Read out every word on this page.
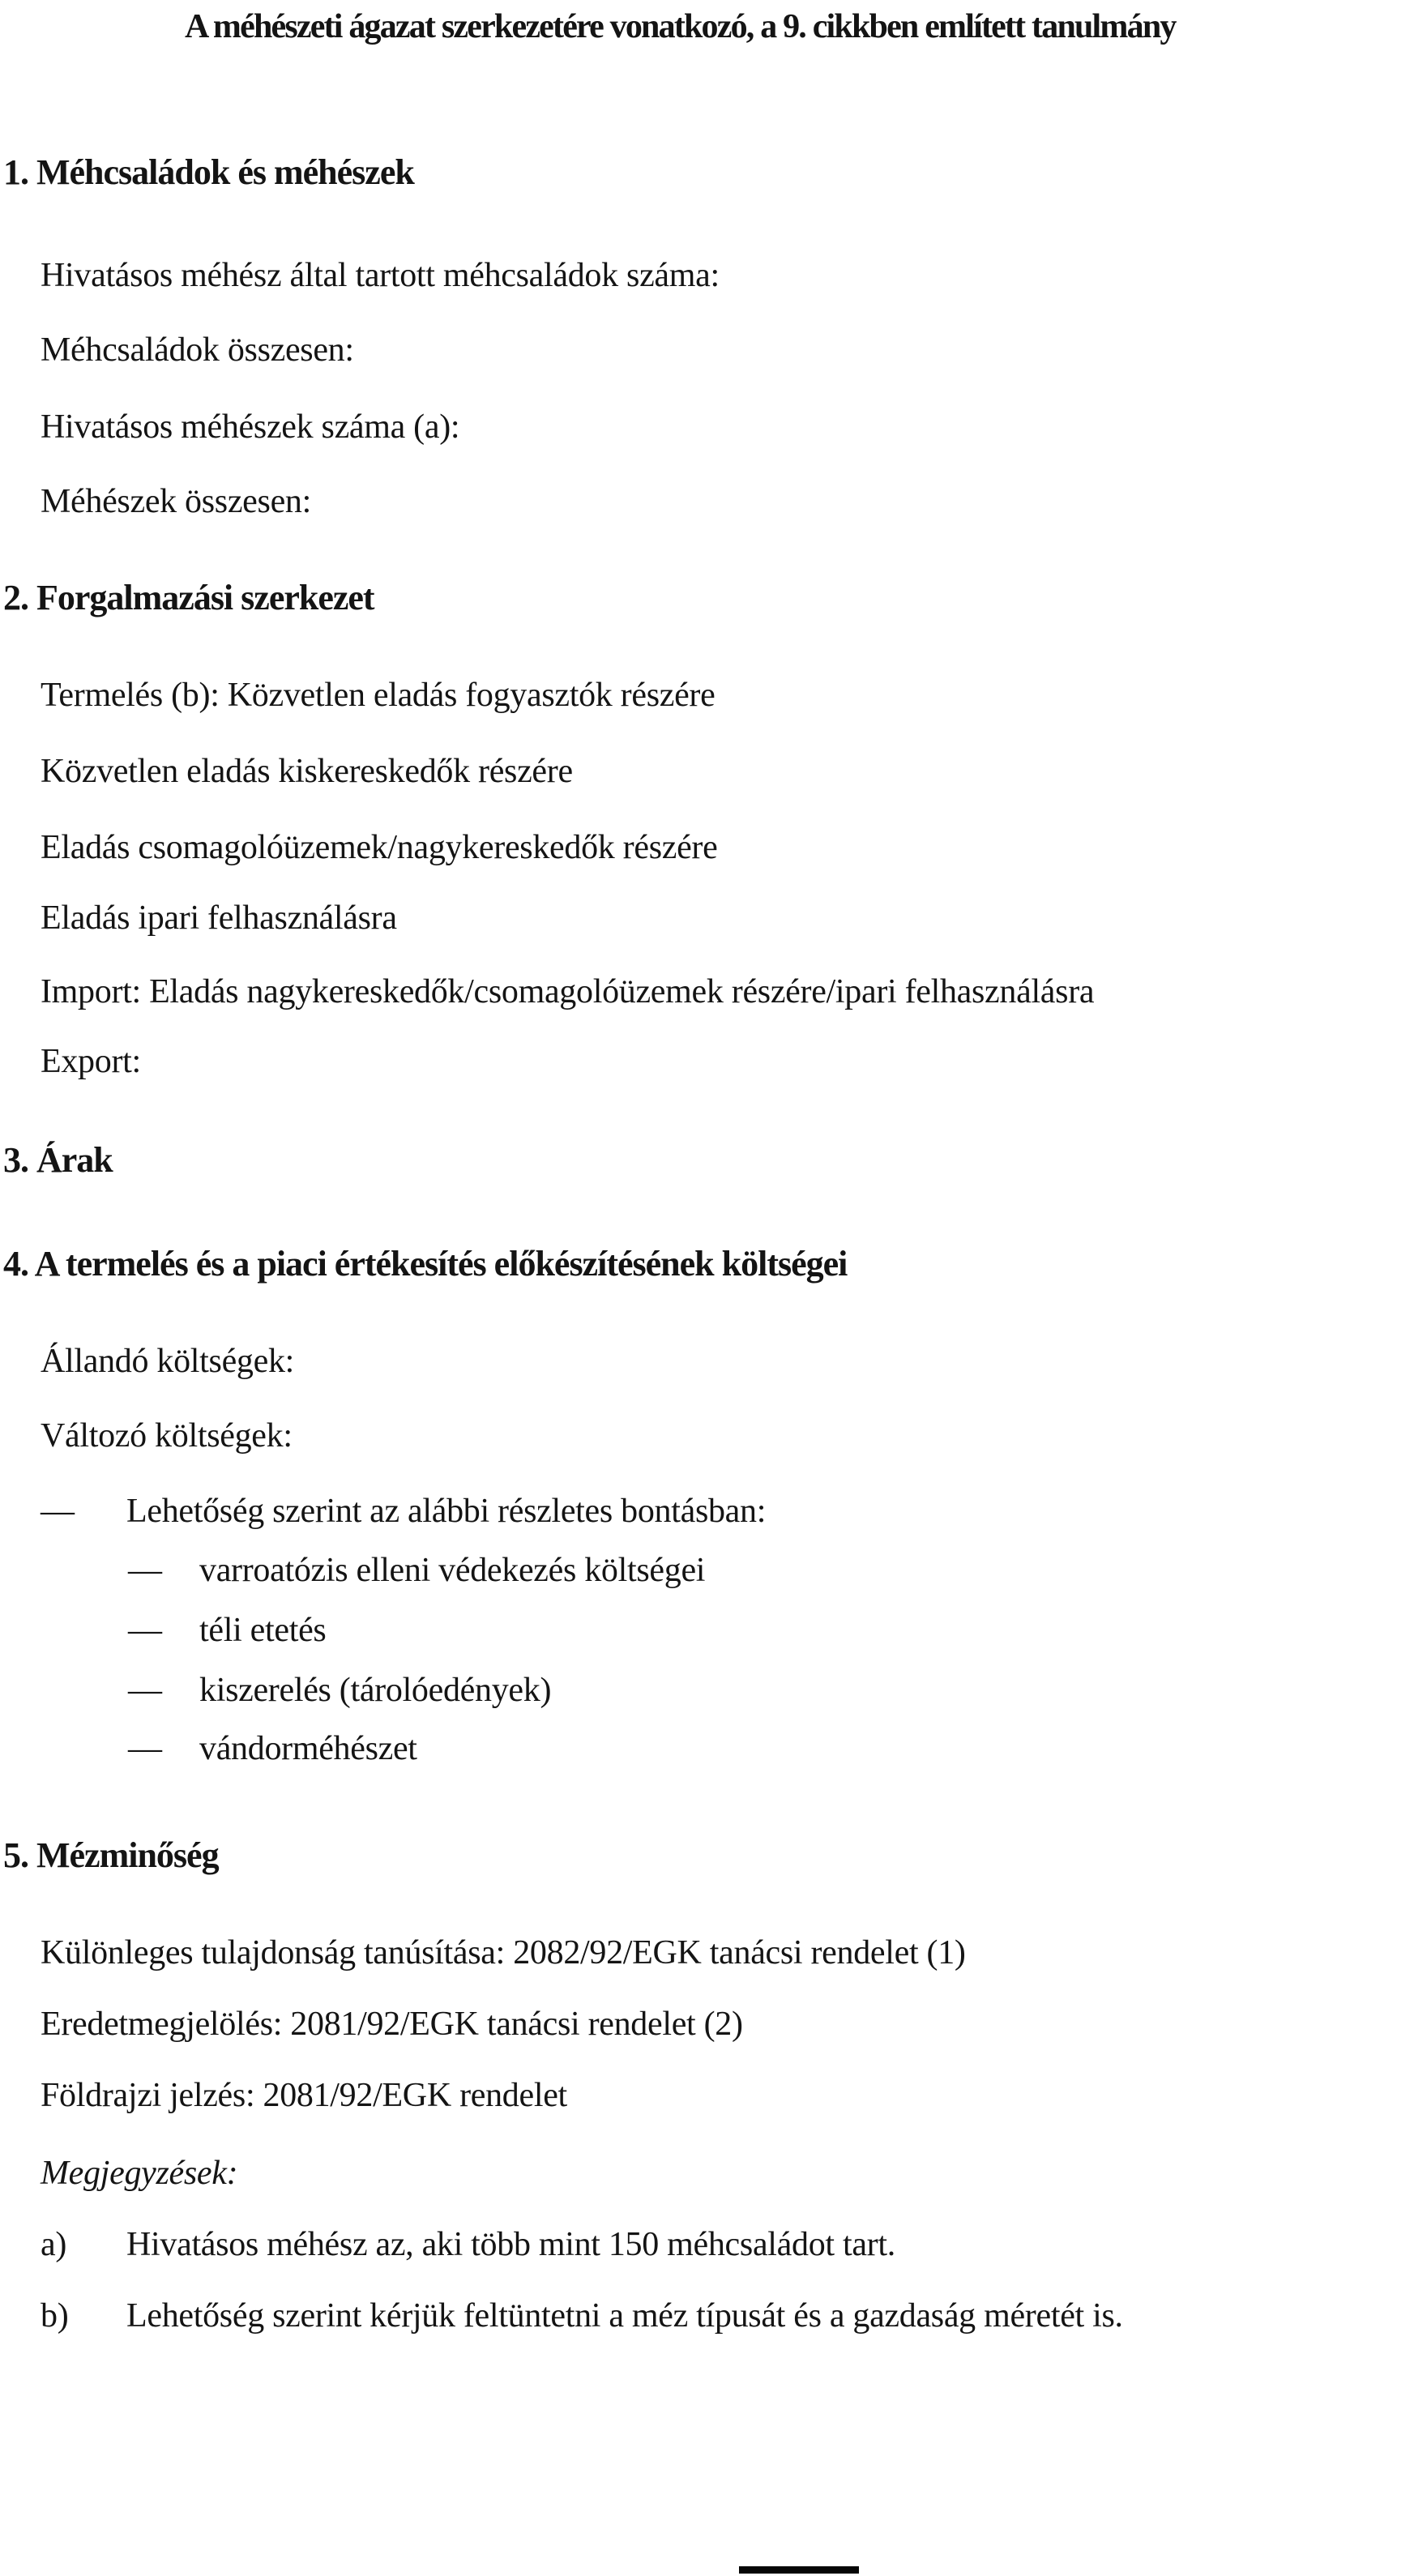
A méhészeti ágazat szerkezetére vonatkozó, a 9. cikkben említett tanulmány
1. Méhcsaládok és méhészek
Hivatásos méhész által tartott méhcsaládok száma:
Méhcsaládok összesen:
Hivatásos méhészek száma (a):
Méhészek összesen:
2. Forgalmazási szerkezet
Termelés (b): Közvetlen eladás fogyasztók részére
Közvetlen eladás kiskereskedők részére
Eladás csomagolóüzemek/nagykereskedők részére
Eladás ipari felhasználásra
Import: Eladás nagykereskedők/csomagolóüzemek részére/ipari felhasználásra
Export:
3. Árak
4. A termelés és a piaci értékesítés előkészítésének költségei
Állandó költségek:
Változó költségek:
— Lehetőség szerint az alábbi részletes bontásban:
— varroatózis elleni védekezés költségei
— téli etetés
— kiszerelés (tárolóedények)
— vándorméhészet
5. Mézminőség
Különleges tulajdonság tanúsítása: 2082/92/EGK tanácsi rendelet (1)
Eredetmegjelölés: 2081/92/EGK tanácsi rendelet (2)
Földrajzi jelzés: 2081/92/EGK rendelet
Megjegyzések:
a) Hivatásos méhész az, aki több mint 150 méhcsaládot tart.
b) Lehetőség szerint kérjük feltüntetni a méz típusát és a gazdaság méretét is.
